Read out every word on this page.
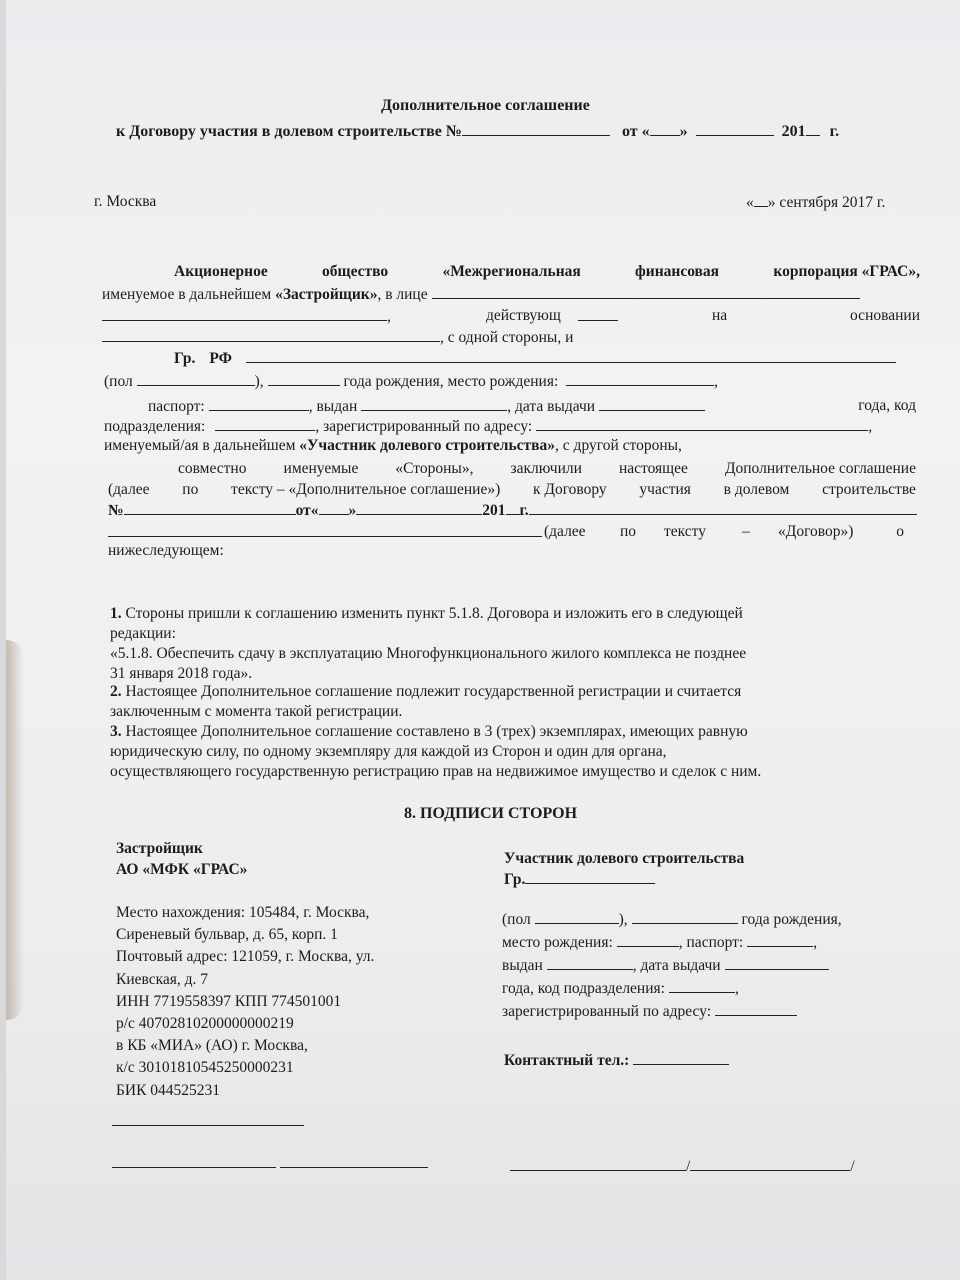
Дополнительное соглашение
к Договору участия в долевом строительстве №	от « »	201 г.
г. Москва	« » сентября 2017 г.
Акционерное	общество	«Межрегиональная	финансовая	корпорация «ГРАС»,
именуемое в дальнейшем «Застройщик», в лице
,	действующ	на	основании
, с одной стороны, и
Гр. РФ
(пол	),	года рождения, место рождения:	,
паспорт:	, выдан	, дата выдачи	года, код
подразделения:	, зарегистрированный по адресу:	,
именуемый/ая в дальнейшем «Участник долевого строительства», с другой стороны,
совместно именуемые «Стороны», заключили настоящее Дополнительное соглашение
(далее по тексту – «Дополнительное соглашение») к Договору участия в долевом строительстве
№	от« »	201 г.
(далее по тексту – «Договор»)	о
нижеследующем:
1. Стороны пришли к соглашению изменить пункт 5.1.8. Договора и изложить его в следующей
редакции:
«5.1.8. Обеспечить сдачу в эксплуатацию Многофункционального жилого комплекса не позднее
31 января 2018 года».
2. Настоящее Дополнительное соглашение подлежит государственной регистрации и считается
заключенным с момента такой регистрации.
3. Настоящее Дополнительное соглашение составлено в 3 (трех) экземплярах, имеющих равную
юридическую силу, по одному экземпляру для каждой из Сторон и один для органа,
осуществляющего государственную регистрацию прав на недвижимое имущество и сделок с ним.
8. ПОДПИСИ СТОРОН
Застройщик
АО «МФК «ГРАС»
Место нахождения: 105484, г. Москва,
Сиреневый бульвар, д. 65, корп. 1
Почтовый адрес: 121059, г. Москва, ул.
Киевская, д. 7
ИНН 7719558397 КПП 774501001
р/с 40702810200000000219
в КБ «МИА» (АО) г. Москва,
к/с 30101810545250000231
БИК 044525231
Участник долевого строительства
Гр.
(пол	),	года рождения,
место рождения:	, паспорт:	,
выдан	, дата выдачи
года, код подразделения:	,
зарегистрированный по адресу:
Контактный тел.:
/	/
